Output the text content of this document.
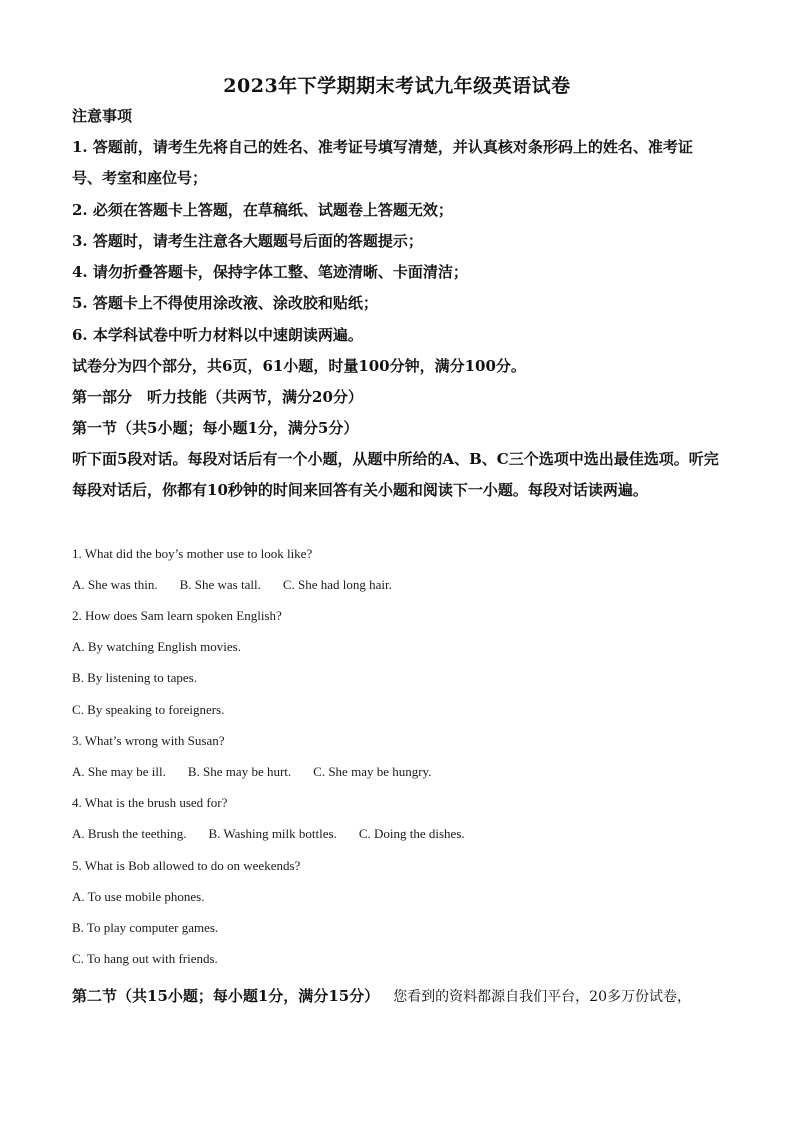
2023年下学期期末考试九年级英语试卷
注意事项
1. 答题前，请考生先将自己的姓名、准考证号填写清楚，并认真核对条形码上的姓名、准考证号、考室和座位号；
2. 必须在答题卡上答题，在草稿纸、试题卷上答题无效；
3. 答题时，请考生注意各大题题号后面的答题提示；
4. 请勿折叠答题卡，保持字体工整、笔迹清晰、卡面清洁；
5. 答题卡上不得使用涂改液、涂改胶和贴纸；
6. 本学科试卷中听力材料以中速朗读两遍。
试卷分为四个部分，共6页，61小题，时量100分钟，满分100分。
第一部分　听力技能（共两节，满分20分）
第一节（共5小题；每小题1分，满分5分）
听下面5段对话。每段对话后有一个小题，从题中所给的A、B、C三个选项中选出最佳选项。听完每段对话后，你都有10秒钟的时间来回答有关小题和阅读下一小题。每段对话读两遍。
1. What did the boy’s mother use to look like?
A. She was thin. B. She was tall. C. She had long hair.
2. How does Sam learn spoken English?
A. By watching English movies.
B. By listening to tapes.
C. By speaking to foreigners.
3. What’s wrong with Susan?
A. She may be ill. B. She may be hurt. C. She may be hungry.
4. What is the brush used for?
A. Brush the teething. B. Washing milk bottles. C. Doing the dishes.
5. What is Bob allowed to do on weekends?
A. To use mobile phones.
B. To play computer games.
C. To hang out with friends.
第二节（共15小题；每小题1分，满分15分） 您看到的资料都源自我们平台，20多万份试卷，
